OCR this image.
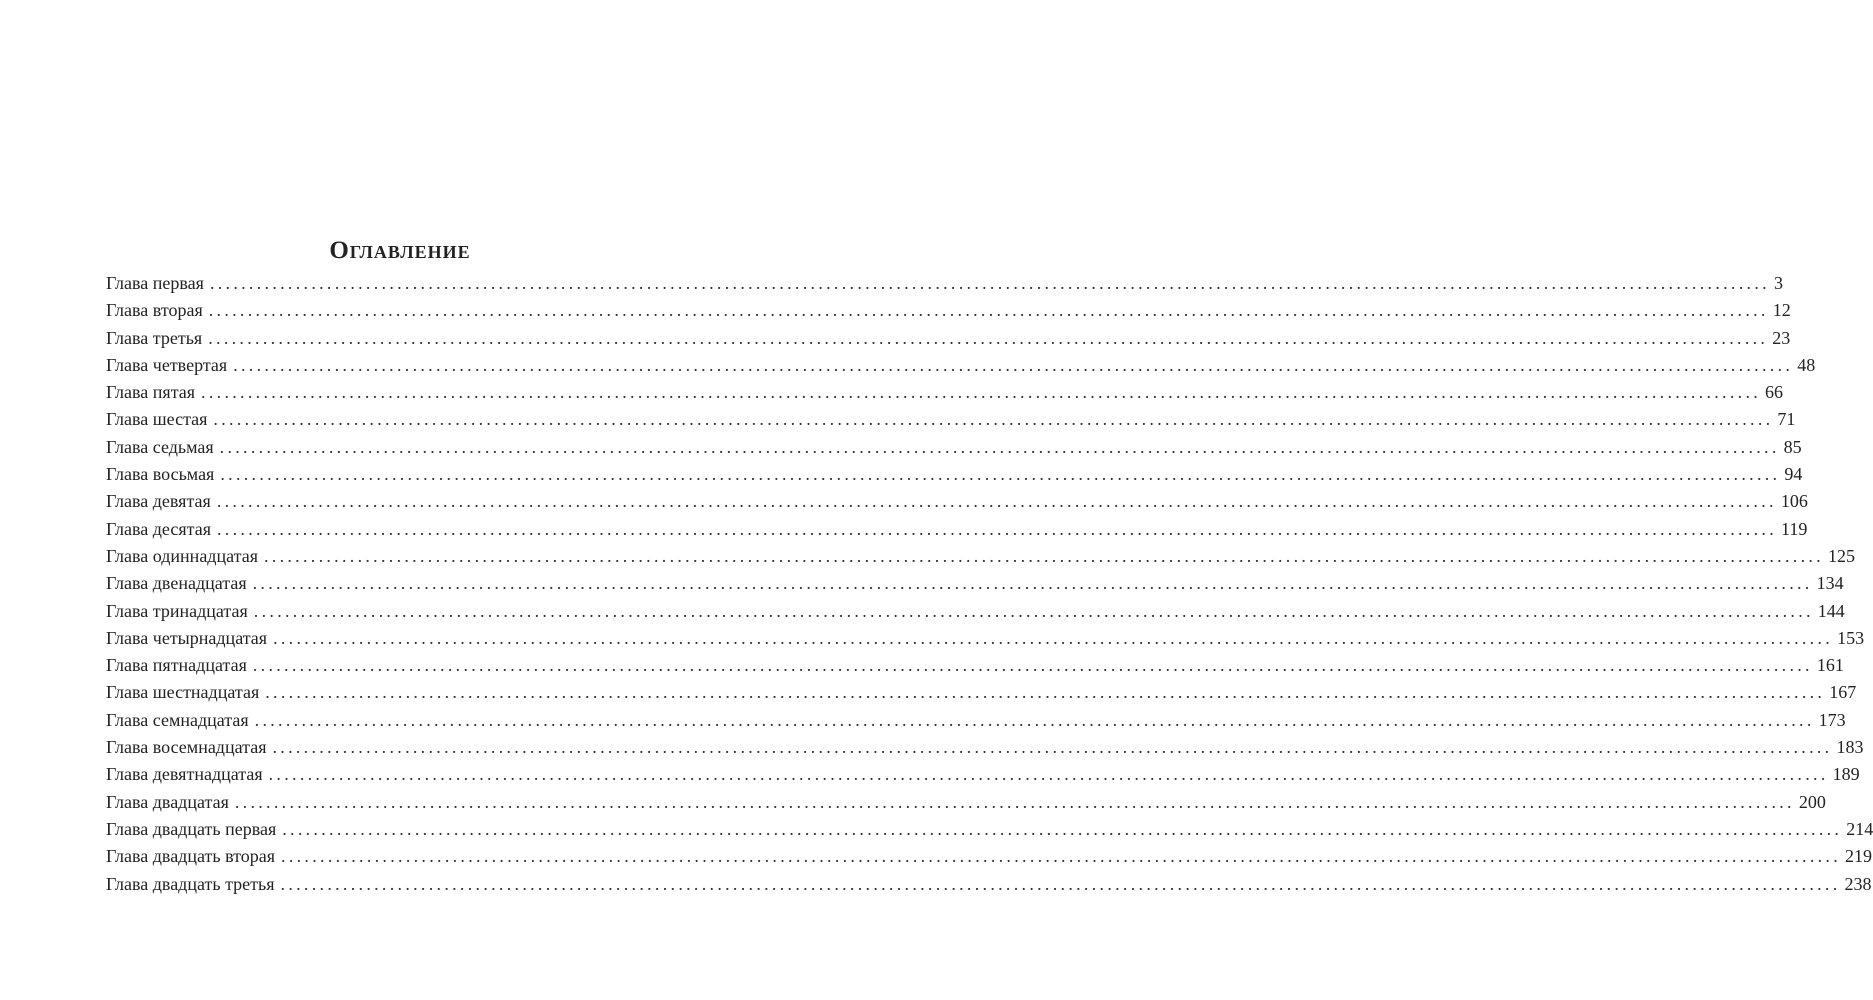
Оглавление
Глава первая ........................................................................................................................................................................................................ 3
Глава вторая ........................................................................................................................................................................................................ 12
Глава третья ........................................................................................................................................................................................................ 23
Глава четвертая ........................................................................................................................................................................................................ 48
Глава пятая ........................................................................................................................................................................................................ 66
Глава шестая ........................................................................................................................................................................................................ 71
Глава седьмая ........................................................................................................................................................................................................ 85
Глава восьмая ........................................................................................................................................................................................................ 94
Глава девятая ........................................................................................................................................................................................................ 106
Глава десятая ........................................................................................................................................................................................................ 119
Глава одиннадцатая ........................................................................................................................................................................................................ 125
Глава двенадцатая ........................................................................................................................................................................................................ 134
Глава тринадцатая ........................................................................................................................................................................................................ 144
Глава четырнадцатая ........................................................................................................................................................................................................ 153
Глава пятнадцатая ........................................................................................................................................................................................................ 161
Глава шестнадцатая ........................................................................................................................................................................................................ 167
Глава семнадцатая ........................................................................................................................................................................................................ 173
Глава восемнадцатая ........................................................................................................................................................................................................ 183
Глава девятнадцатая ........................................................................................................................................................................................................ 189
Глава двадцатая ........................................................................................................................................................................................................ 200
Глава двадцать первая ........................................................................................................................................................................................................ 214
Глава двадцать вторая ........................................................................................................................................................................................................ 219
Глава двадцать третья ........................................................................................................................................................................................................ 238
